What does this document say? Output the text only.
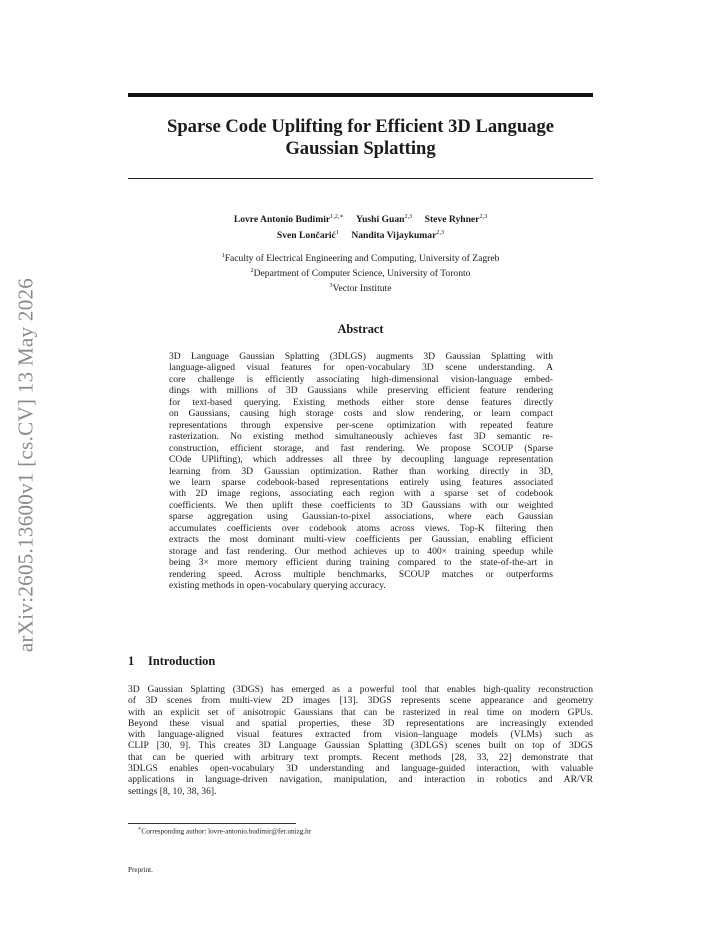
arXiv:2605.13600v1 [cs.CV] 13 May 2026
Sparse Code Uplifting for Efficient 3D Language
Gaussian Splatting
Lovre Antonio Budimir$^{1,2,∗}$ Yushi Guan$^{2,3}$ Steve Ryhner$^{2,3}$
Sven Lončarić$^1$ Nandita Vijaykumar$^{2,3}$
$^1$Faculty of Electrical Engineering and Computing, University of Zagreb
$^2$Department of Computer Science, University of Toronto
$^3$Vector Institute
Abstract
3D Language Gaussian Splatting (3DLGS) augments 3D Gaussian Splatting with
language-aligned visual features for open-vocabulary 3D scene understanding. A
core challenge is efficiently associating high-dimensional vision-language embed-
dings with millions of 3D Gaussians while preserving efficient feature rendering
for text-based querying. Existing methods either store dense features directly
on Gaussians, causing high storage costs and slow rendering, or learn compact
representations through expensive per-scene optimization with repeated feature
rasterization. No existing method simultaneously achieves fast 3D semantic re-
construction, efficient storage, and fast rendering. We propose SCOUP (Sparse
COde UPlifting), which addresses all three by decoupling language representation
learning from 3D Gaussian optimization. Rather than working directly in 3D,
we learn sparse codebook-based representations entirely using features associated
with 2D image regions, associating each region with a sparse set of codebook
coefficients. We then uplift these coefficients to 3D Gaussians with our weighted
sparse aggregation using Gaussian-to-pixel associations, where each Gaussian
accumulates coefficients over codebook atoms across views. Top-K filtering then
extracts the most dominant multi-view coefficients per Gaussian, enabling efficient
storage and fast rendering. Our method achieves up to 400× training speedup while
being 3× more memory efficient during training compared to the state-of-the-art in
rendering speed. Across multiple benchmarks, SCOUP matches or outperforms
existing methods in open-vocabulary querying accuracy.
1 Introduction
3D Gaussian Splatting (3DGS) has emerged as a powerful tool that enables high-quality reconstruction
of 3D scenes from multi-view 2D images [13]. 3DGS represents scene appearance and geometry
with an explicit set of anisotropic Gaussians that can be rasterized in real time on modern GPUs.
Beyond these visual and spatial properties, these 3D representations are increasingly extended
with language-aligned visual features extracted from vision–language models (VLMs) such as
CLIP [30, 9]. This creates 3D Language Gaussian Splatting (3DLGS) scenes built on top of 3DGS
that can be queried with arbitrary text prompts. Recent methods [28, 33, 22] demonstrate that
3DLGS enables open-vocabulary 3D understanding and language-guided interaction, with valuable
applications in language-driven navigation, manipulation, and interaction in robotics and AR/VR
settings [8, 10, 38, 36].
∗Corresponding author: lovre-antonio.budimir@fer.unizg.hr
Preprint.
